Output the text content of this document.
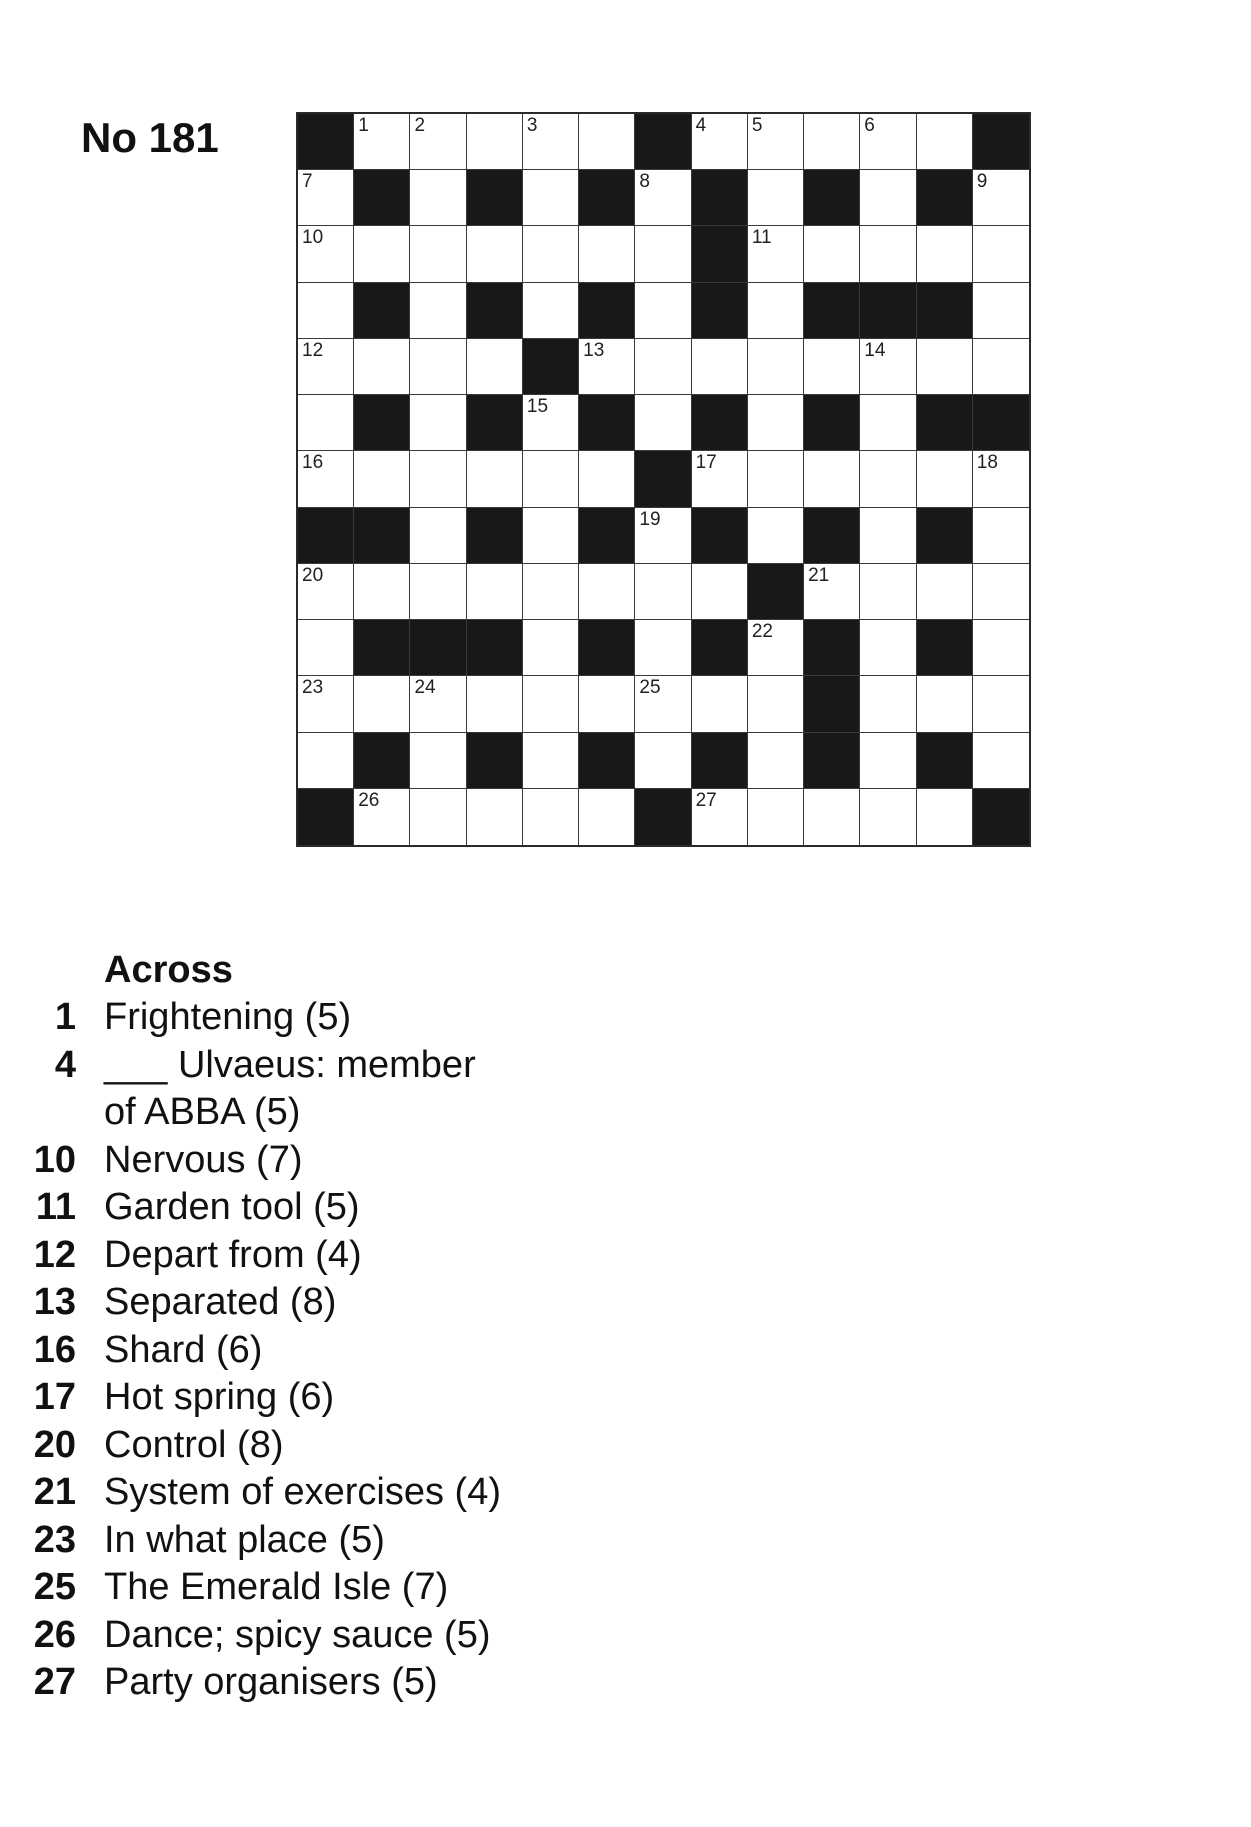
No 181	1 2	3	4 5	6
7	8	9
10	11
12	13	14
15
16	17	18
19
20	21
22
23	24	25
26	27
Across
1 Frightening (5)
4 ___ Ulvaeus: member
of ABBA (5)
10 Nervous (7)
11 Garden tool (5)
12 Depart from (4)
13 Separated (8)
16 Shard (6)
17 Hot spring (6)
20 Control (8)
21 System of exercises (4)
23 In what place (5)
25 The Emerald Isle (7)
26 Dance; spicy sauce (5)
27 Party organisers (5)
